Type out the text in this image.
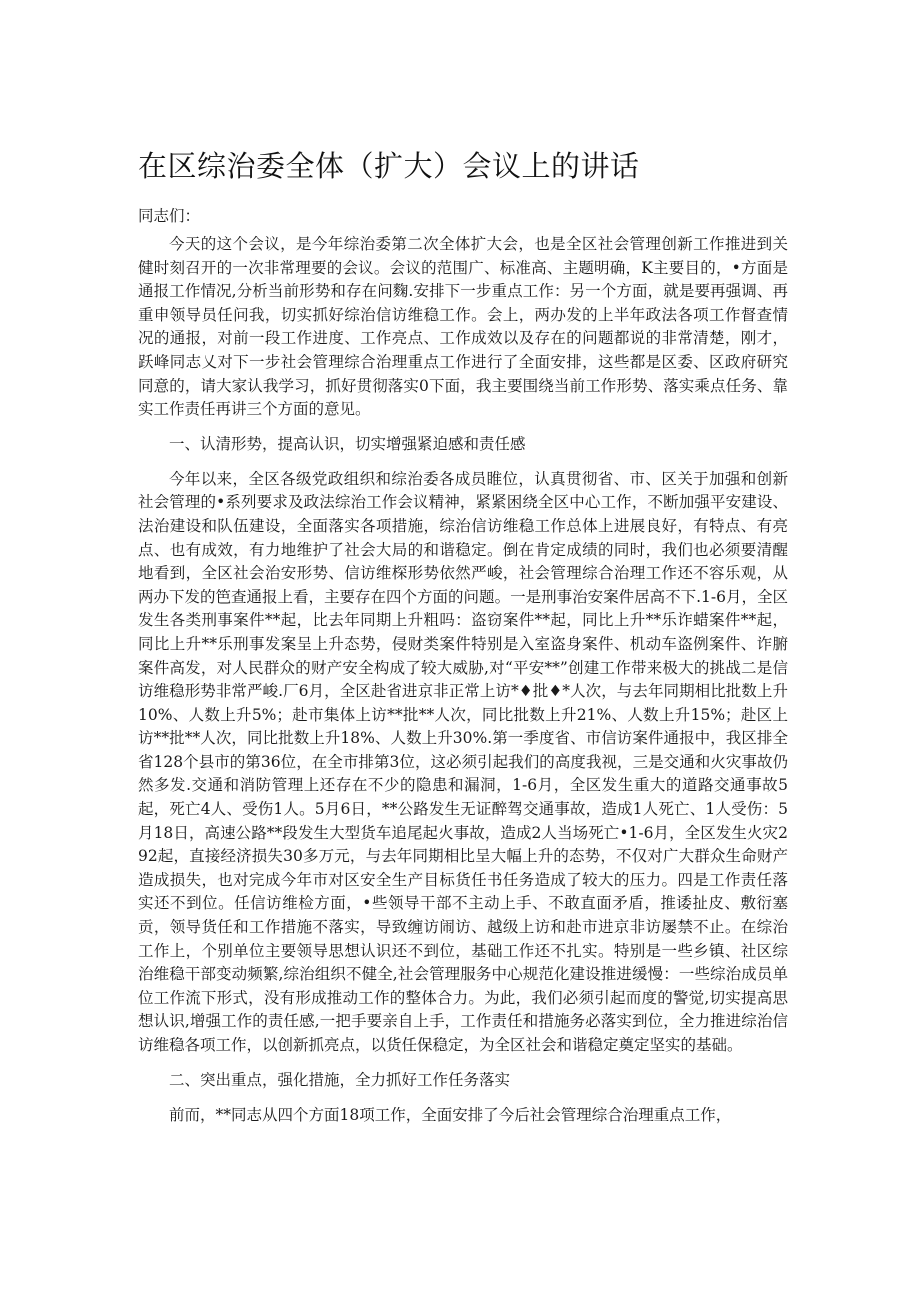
在区综治委全体（扩大）会议上的讲话

同志们：

今天的这个会议，是今年综治委第二次全体扩大会，也是全区社会管理创新工作推进到关健时刻召开的一次非常理要的会议。会议的范围广、标准高、主题明确，K主要目的，•方面是通报工作情况,分析当前形势和存在问麴.安排下一步重点工作：另一个方面，就是要再强调、再重申领导员任问我，切实抓好综治信访维稳工作。会上，两办发的上半年政法各项工作督查情况的通报，对前一段工作进度、工作亮点、工作成效以及存在的问题都说的非常清楚，刚才，跃峰同志乂对下一步社会管理综合治理重点工作进行了全面安排，这些都是区委、区政府研究同意的，请大家认我学习，抓好贯彻落实0下面，我主要围绕当前工作形势、落实乘点任务、靠实工作责任再讲三个方面的意见。

一、认清形势，提高认识，切实增强紧迫感和责任感

今年以来，全区各级党政组织和综治委各成员睢位，认真贯彻省、市、区关于加强和创新社会管理的•系列要求及政法综治工作会议精神，紧紧困绕全区中心工作，不断加强平安建设、法治建设和队伍建设，全面落实各项措施，综治信访维稳工作总体上进展良好，有特点、有亮点、也有成效，有力地维护了社会大局的和谐稳定。倒在肯定成绩的同时，我们也必须要清醒地看到，全区社会治安形势、信访维棎形势依然严峻，社会管理综合治理工作还不容乐观，从两办下发的笆查通报上看，主要存在四个方面的问题。一是刑事治安案件居高不下.1-6月，全区发生各类刑事案件**起，比去年同期上升粗吗：盗窃案件**起，同比上升**乐诈蜡案件**起，同比上升**乐刑事发案呈上升态势，侵财类案件特别是入室盗身案件、机动车盗例案件、诈腑案件高发，对人民群众的财产安全构成了较大威胁,对“平安**”创建工作带来极大的挑战二是信访维稳形势非常严峻.厂6月，全区赴省进京非正常上访*♦批♦*人次，与去年同期相比批数上升10%、人数上升5%；赴市集体上访**批**人次，同比批数上升21%、人数上升15%；赴区上访**批**人次，同比批数上升18%、人数上升30%.第一季度省、市信访案件通报中，我区排全省128个县市的第36位，在全市排第3位，这必须引起我们的高度我视，三是交通和火灾事故仍然多发.交通和消防管理上还存在不少的隐患和漏洞，1-6月，全区发生重大的道路交通事故5起，死亡4人、受伤1人。5月6日，**公路发生无证醉驾交通事故，造成1人死亡、1人受伤：5月18日，高速公路**段发生大型货车追尾起火事故，造成2人当场死亡•1-6月，全区发生火灾292起，直接经济损失30多万元，与去年同期相比呈大幅上升的态势，不仅对广大群众生命财产造成损失，也对完成今年市对区安全生产目标货任书任务造成了较大的压力。四是工作责任落实还不到位。任信访维检方面，•些领导干部不主动上手、不敢直面矛盾，推诿扯皮、敷衍塞贡，领导货任和工作措施不落实，导致缠访闹访、越级上访和赴市进京非访屡禁不止。在综治工作上，个别单位主要领导思想认识还不到位，基础工作还不扎实。特别是一些乡镇、社区综治维稳干部变动频繁,综治组织不健全,社会管理服务中心规范化建设推进缓慢：一些综治成员单位工作流下形式，没有形成推动工作的整体合力。为此，我们必须引起而度的警觉,切实提高思想认识,增强工作的责任感,一把手要亲自上手，工作责任和措施务必落实到位，全力推进综治信访维稳各项工作，以创新抓亮点，以货任保稳定，为全区社会和谐稳定奠定坚实的基础。

二、突出重点，强化措施，全力抓好工作任务落实

前而，**同志从四个方面18项工作，全面安排了今后社会管理综合治理重点工作，
